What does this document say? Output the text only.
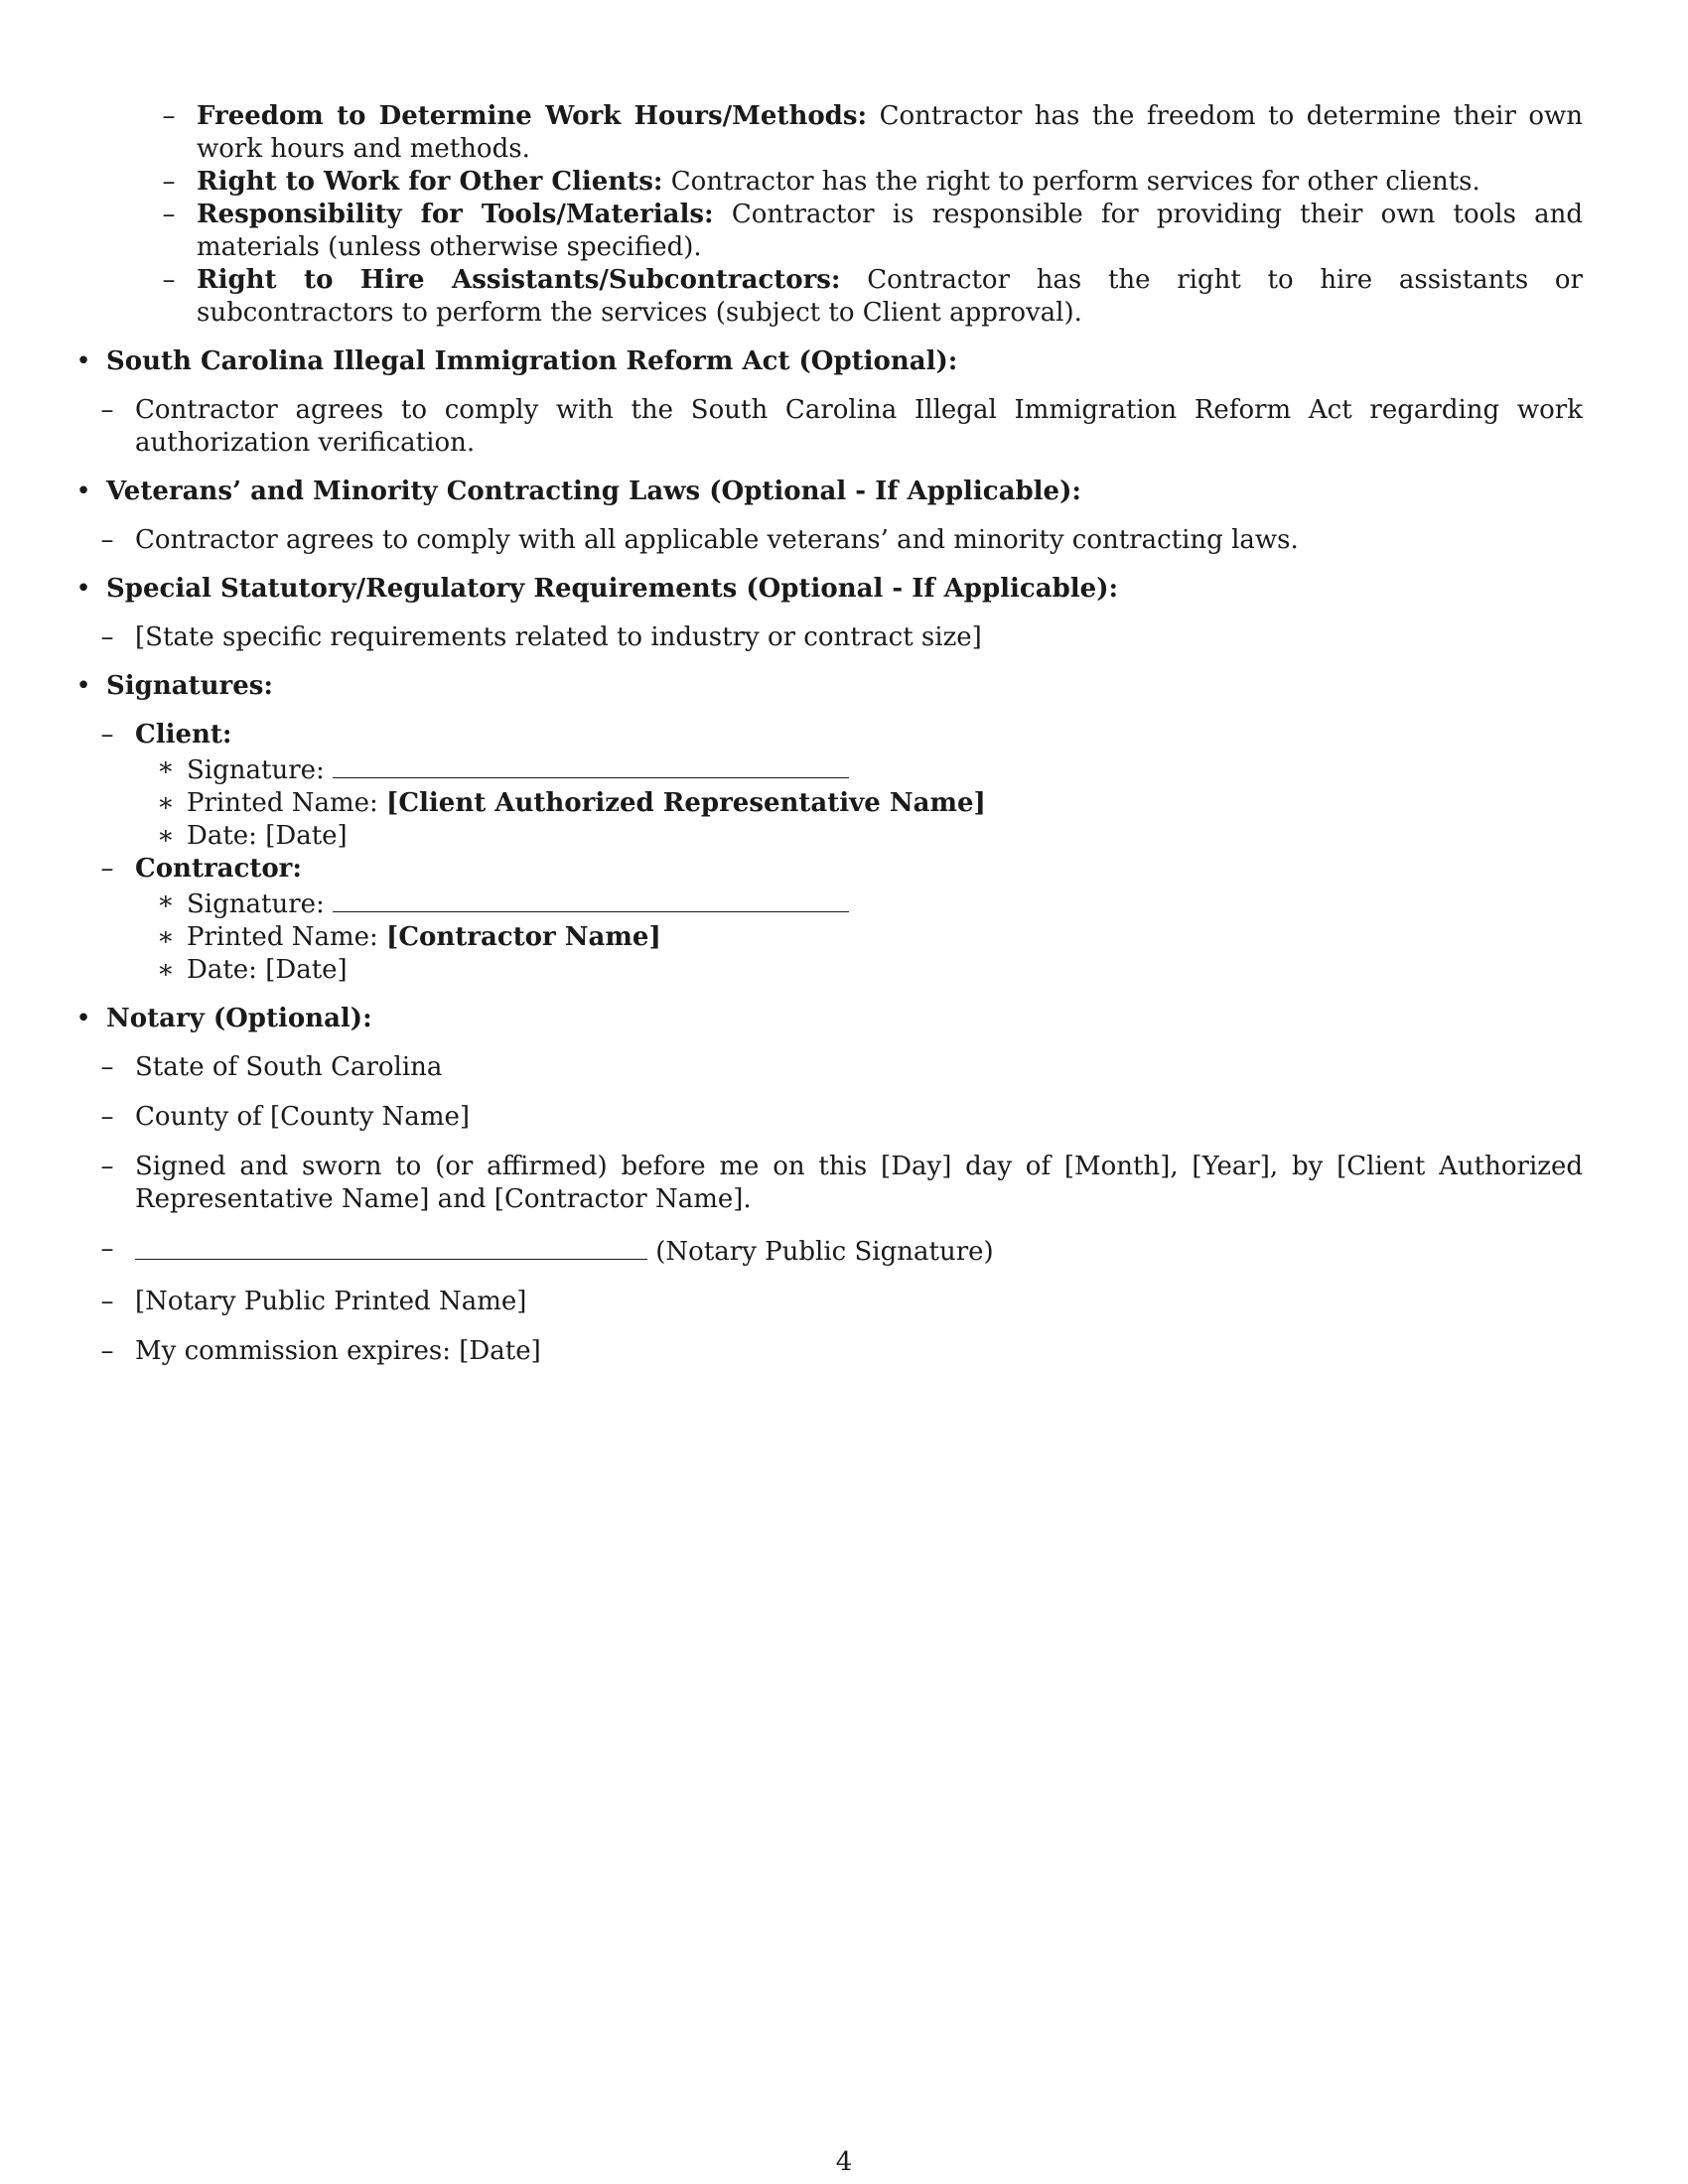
– Freedom to Determine Work Hours/Methods: Contractor has the freedom to determine their own work hours and methods.
– Right to Work for Other Clients: Contractor has the right to perform services for other clients.
– Responsibility for Tools/Materials: Contractor is responsible for providing their own tools and materials (unless otherwise specified).
– Right to Hire Assistants/Subcontractors: Contractor has the right to hire assistants or subcontractors to perform the services (subject to Client approval).
• South Carolina Illegal Immigration Reform Act (Optional):
– Contractor agrees to comply with the South Carolina Illegal Immigration Reform Act regarding work authorization verification.
• Veterans’ and Minority Contracting Laws (Optional - If Applicable):
– Contractor agrees to comply with all applicable veterans’ and minority contracting laws.
• Special Statutory/Regulatory Requirements (Optional - If Applicable):
– [State specific requirements related to industry or contract size]
• Signatures:
– Client:
∗ Signature:
∗ Printed Name: [Client Authorized Representative Name]
∗ Date: [Date]
– Contractor:
∗ Signature:
∗ Printed Name: [Contractor Name]
∗ Date: [Date]
• Notary (Optional):
– State of South Carolina
– County of [County Name]
– Signed and sworn to (or affirmed) before me on this [Day] day of [Month], [Year], by [Client Authorized Representative Name] and [Contractor Name].
–	(Notary Public Signature)
– [Notary Public Printed Name]
– My commission expires: [Date]
4
